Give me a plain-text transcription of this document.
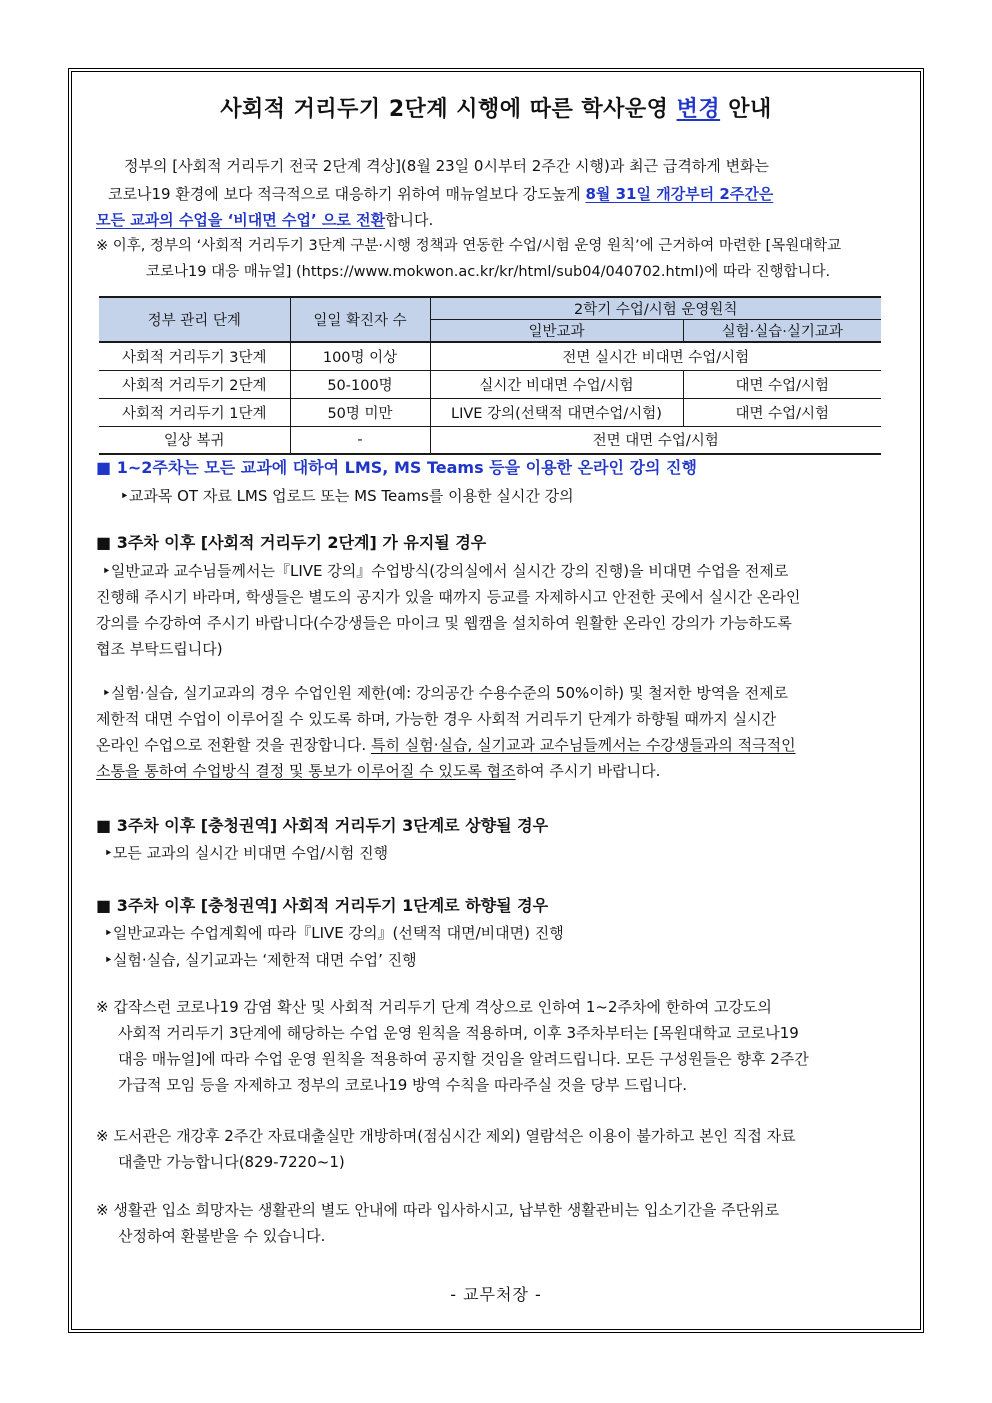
사회적 거리두기 2단계 시행에 따른 학사운영 변경 안내
정부의 [사회적 거리두기 전국 2단계 격상](8월 23일 0시부터 2주간 시행)과 최근 급격하게 변화는
코로나19 환경에 보다 적극적으로 대응하기 위하여 매뉴얼보다 강도높게 8월 31일 개강부터 2주간은
모든 교과의 수업을 ‘비대면 수업’ 으로 전환합니다.
※ 이후, 정부의 ‘사회적 거리두기 3단계 구분·시행 정책과 연동한 수업/시험 운영 원칙’에 근거하여 마련한 [목원대학교
코로나19 대응 매뉴얼] (https://www.mokwon.ac.kr/kr/html/sub04/040702.html)에 따라 진행합니다.
정부 관리 단계	일일 확진자 수	2학기 수업/시험 운영원칙	
		일반교과	실험·실습·실기교과
사회적 거리두기 3단계	100명 이상	전면 실시간 비대면 수업/시험	
사회적 거리두기 2단계	50-100명	실시간 비대면 수업/시험	대면 수업/시험
사회적 거리두기 1단계	50명 미만	LIVE 강의(선택적 대면수업/시험)	대면 수업/시험
일상 복귀	-	전면 대면 수업/시험	
■ 1~2주차는 모든 교과에 대하여 LMS, MS Teams 등을 이용한 온라인 강의 진행
‣교과목 OT 자료 LMS 업로드 또는 MS Teams를 이용한 실시간 강의
■ 3주차 이후 [사회적 거리두기 2단계] 가 유지될 경우
‣일반교과 교수님들께서는『LIVE 강의』수업방식(강의실에서 실시간 강의 진행)을 비대면 수업을 전제로
진행해 주시기 바라며, 학생들은 별도의 공지가 있을 때까지 등교를 자제하시고 안전한 곳에서 실시간 온라인
강의를 수강하여 주시기 바랍니다(수강생들은 마이크 및 웹캠을 설치하여 원활한 온라인 강의가 가능하도록
협조 부탁드립니다)
‣실험·실습, 실기교과의 경우 수업인원 제한(예: 강의공간 수용수준의 50%이하) 및 철저한 방역을 전제로
제한적 대면 수업이 이루어질 수 있도록 하며, 가능한 경우 사회적 거리두기 단계가 하향될 때까지 실시간
온라인 수업으로 전환할 것을 권장합니다. 특히 실험·실습, 실기교과 교수님들께서는 수강생들과의 적극적인
소통을 통하여 수업방식 결정 및 통보가 이루어질 수 있도록 협조하여 주시기 바랍니다.
■ 3주차 이후 [충청권역] 사회적 거리두기 3단계로 상향될 경우
‣모든 교과의 실시간 비대면 수업/시험 진행
■ 3주차 이후 [충청권역] 사회적 거리두기 1단계로 하향될 경우
‣일반교과는 수업계획에 따라『LIVE 강의』(선택적 대면/비대면) 진행
‣실험·실습, 실기교과는 ‘제한적 대면 수업’ 진행
※ 갑작스런 코로나19 감염 확산 및 사회적 거리두기 단계 격상으로 인하여 1~2주차에 한하여 고강도의
사회적 거리두기 3단계에 해당하는 수업 운영 원칙을 적용하며, 이후 3주차부터는 [목원대학교 코로나19
대응 매뉴얼]에 따라 수업 운영 원칙을 적용하여 공지할 것임을 알려드립니다. 모든 구성원들은 향후 2주간
가급적 모임 등을 자제하고 정부의 코로나19 방역 수칙을 따라주실 것을 당부 드립니다.
※ 도서관은 개강후 2주간 자료대출실만 개방하며(점심시간 제외) 열람석은 이용이 불가하고 본인 직접 자료
대출만 가능합니다(829-7220~1)
※ 생활관 입소 희망자는 생활관의 별도 안내에 따라 입사하시고, 납부한 생활관비는 입소기간을 주단위로
산정하여 환불받을 수 있습니다.
- 교무처장 -
